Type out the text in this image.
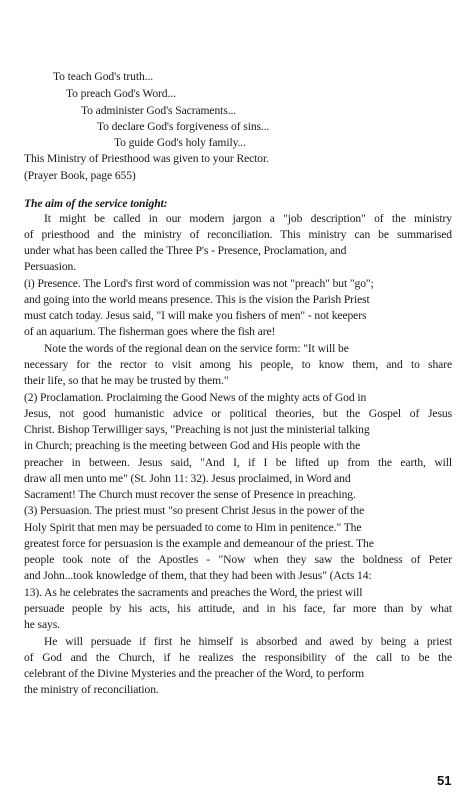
To teach God's truth...
To preach God's Word...
To administer God's Sacraments...
To declare God's forgiveness of sins...
To guide God's holy family...
This Ministry of Priesthood was given to your Rector.
(Prayer Book, page 655)
The aim of the service tonight:
It might be called in our modern jargon a "job description" of the ministry
of priesthood and the ministry of reconciliation. This ministry can be summarised
under what has been called the Three P's - Presence, Proclamation, and
Persuasion.
(i) Presence. The Lord's first word of commission was not "preach" but "go";
and going into the world means presence. This is the vision the Parish Priest
must catch today. Jesus said, "I will make you fishers of men" - not keepers
of an aquarium. The fisherman goes where the fish are!
Note the words of the regional dean on the service form: "It will be
necessary for the rector to visit among his people, to know them, and to share
their life, so that he may be trusted by them."
(2) Proclamation. Proclaiming the Good News of the mighty acts of God in
Jesus, not good humanistic advice or political theories, but the Gospel of Jesus
Christ. Bishop Terwilliger says, "Preaching is not just the ministerial talking
in Church; preaching is the meeting between God and His people with the
preacher in between. Jesus said, "And I, if I be lifted up from the earth, will
draw all men unto me" (St. John 11: 32). Jesus proclaimed, in Word and
Sacrament! The Church must recover the sense of Presence in preaching.
(3) Persuasion. The priest must "so present Christ Jesus in the power of the
Holy Spirit that men may be persuaded to come to Him in penitence." The
greatest force for persuasion is the example and demeanour of the priest. The
people took note of the Apostles - "Now when they saw the boldness of Peter
and John...took knowledge of them, that they had been with Jesus" (Acts 14:
13). As he celebrates the sacraments and preaches the Word, the priest will
persuade people by his acts, his attitude, and in his face, far more than by what
he says.
He will persuade if first he himself is absorbed and awed by being a priest
of God and the Church, if he realizes the responsibility of the call to be the
celebrant of the Divine Mysteries and the preacher of the Word, to perform
the ministry of reconciliation.
51
